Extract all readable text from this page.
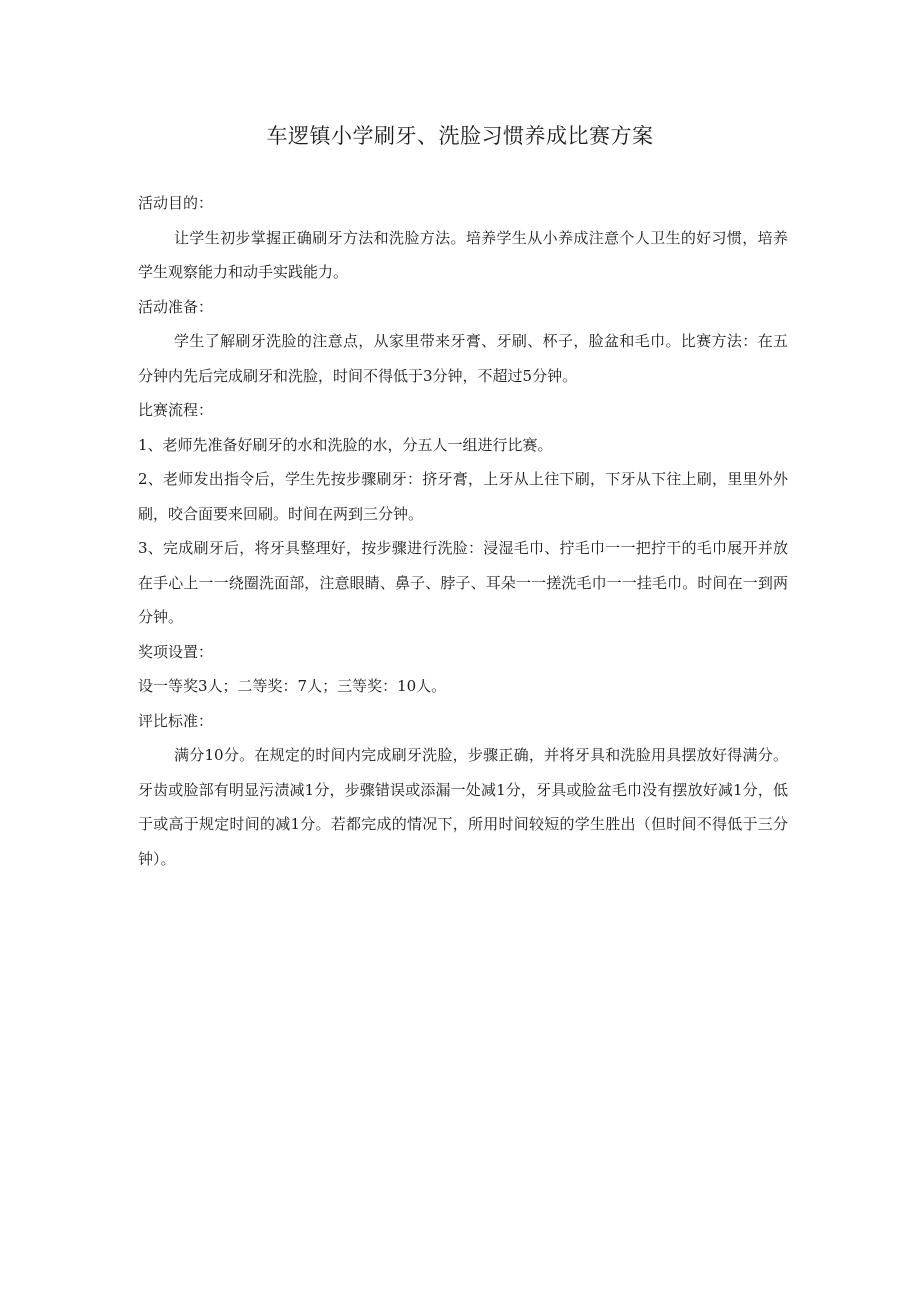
车逻镇小学刷牙、洗脸习惯养成比赛方案

活动目的：

让学生初步掌握正确刷牙方法和洗脸方法。培养学生从小养成注意个人卫生的好习惯，培养学生观察能力和动手实践能力。

活动准备：

学生了解刷牙洗脸的注意点，从家里带来牙膏、牙刷、杯子，脸盆和毛巾。比赛方法：在五分钟内先后完成刷牙和洗脸，时间不得低于3分钟，不超过5分钟。

比赛流程：

1、老师先准备好刷牙的水和洗脸的水，分五人一组进行比赛。

2、老师发出指令后，学生先按步骤刷牙：挤牙膏，上牙从上往下刷，下牙从下往上刷，里里外外刷，咬合面要来回刷。时间在两到三分钟。

3、完成刷牙后，将牙具整理好，按步骤进行洗脸：浸湿毛巾、拧毛巾一一把拧干的毛巾展开并放在手心上一一绕圈洗面部，注意眼睛、鼻子、脖子、耳朵一一搓洗毛巾一一挂毛巾。时间在一到两分钟。

奖项设置：

设一等奖3人；二等奖：7人；三等奖：10人。

评比标准：

满分10分。在规定的时间内完成刷牙洗脸，步骤正确，并将牙具和洗脸用具摆放好得满分。牙齿或脸部有明显污渍减1分，步骤错误或添漏一处减1分，牙具或脸盆毛巾没有摆放好减1分，低于或高于规定时间的减1分。若都完成的情况下，所用时间较短的学生胜出（但时间不得低于三分钟）。
